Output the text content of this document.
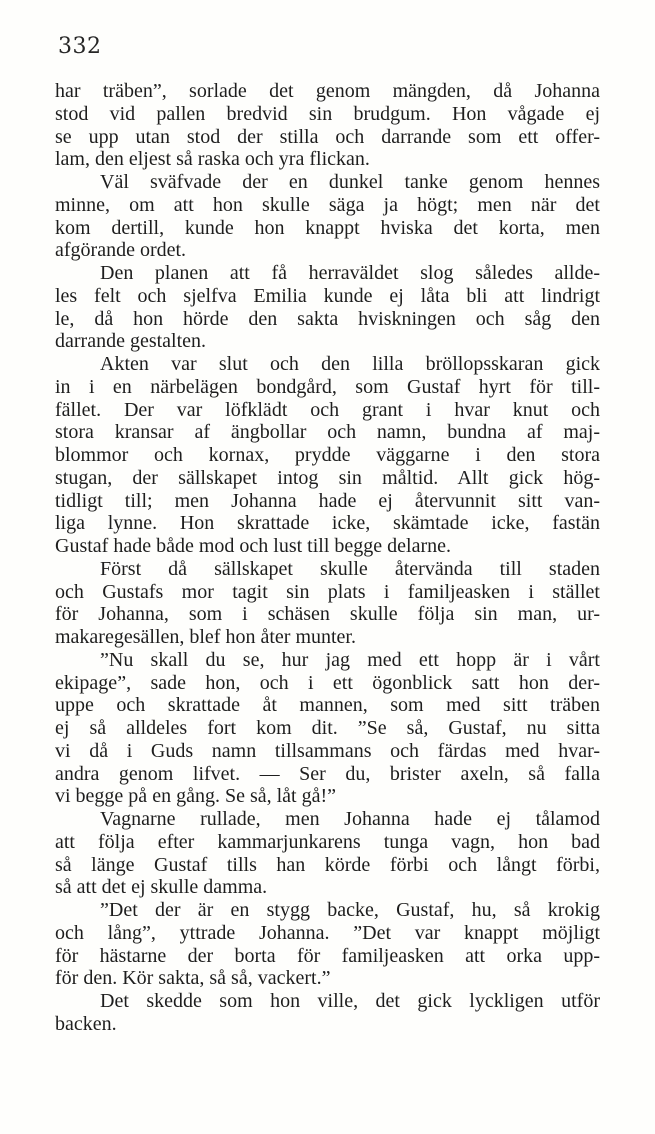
332
har träben”, sorlade det genom mängden, då Johanna
stod vid pallen bredvid sin brudgum. Hon vågade ej
se upp utan stod der stilla och darrande som ett offer-
lam, den eljest så raska och yra flickan.
Väl sväfvade der en dunkel tanke genom hennes
minne, om att hon skulle säga ja högt; men när det
kom dertill, kunde hon knappt hviska det korta, men
afgörande ordet.
Den planen att få herraväldet slog således allde-
les felt och sjelfva Emilia kunde ej låta bli att lindrigt
le, då hon hörde den sakta hviskningen och såg den
darrande gestalten.
Akten var slut och den lilla bröllopsskaran gick
in i en närbelägen bondgård, som Gustaf hyrt för till-
fället. Der var löfklädt och grant i hvar knut och
stora kransar af ängbollar och namn, bundna af maj-
blommor och kornax, prydde väggarne i den stora
stugan, der sällskapet intog sin måltid. Allt gick hög-
tidligt till; men Johanna hade ej återvunnit sitt van-
liga lynne. Hon skrattade icke, skämtade icke, fastän
Gustaf hade både mod och lust till begge delarne.
Först då sällskapet skulle återvända till staden
och Gustafs mor tagit sin plats i familjeasken i stället
för Johanna, som i schäsen skulle följa sin man, ur-
makaregesällen, blef hon åter munter.
”Nu skall du se, hur jag med ett hopp är i vårt
ekipage”, sade hon, och i ett ögonblick satt hon der-
uppe och skrattade åt mannen, som med sitt träben
ej så alldeles fort kom dit. ”Se så, Gustaf, nu sitta
vi då i Guds namn tillsammans och färdas med hvar-
andra genom lifvet. — Ser du, brister axeln, så falla
vi begge på en gång. Se så, låt gå!”
Vagnarne rullade, men Johanna hade ej tålamod
att följa efter kammarjunkarens tunga vagn, hon bad
så länge Gustaf tills han körde förbi och långt förbi,
så att det ej skulle damma.
”Det der är en stygg backe, Gustaf, hu, så krokig
och lång”, yttrade Johanna. ”Det var knappt möjligt
för hästarne der borta för familjeasken att orka upp-
för den. Kör sakta, så så, vackert.”
Det skedde som hon ville, det gick lyckligen utför
backen.
